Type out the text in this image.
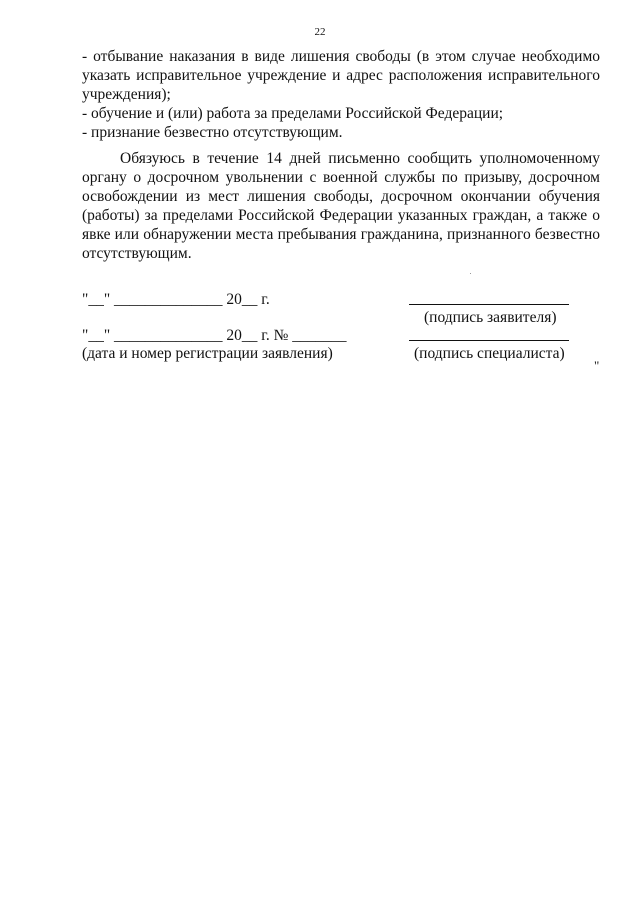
22

- отбывание наказания в виде лишения свободы (в этом случае необходимо указать исправительное учреждение и адрес расположения исправительного учреждения);

- обучение и (или) работа за пределами Российской Федерации;

- признание безвестно отсутствующим.

Обязуюсь в течение 14 дней письменно сообщить уполномоченному органу о досрочном увольнении с военной службы по призыву, досрочном освобождении из мест лишения свободы, досрочном окончании обучения (работы) за пределами Российской Федерации указанных граждан, а также о явке или обнаружении места пребывания гражданина, признанного безвестно отсутствующим.

"__" ______________ 20__ г.
"__" ______________ 20__ г. № _______
(дата и номер регистрации заявления)
(подпись заявителя)
(подпись специалиста)
"
